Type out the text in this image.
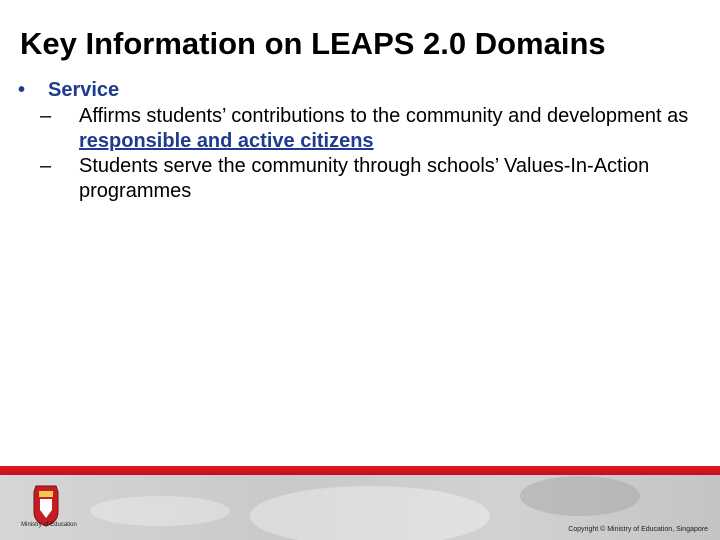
Key Information on LEAPS 2.0 Domains
• Service
– Affirms students’ contributions to the community and development as responsible and active citizens
– Students serve the community through schools’ Values-In-Action programmes
Ministry of Education
Copyright © Ministry of Education, Singapore
